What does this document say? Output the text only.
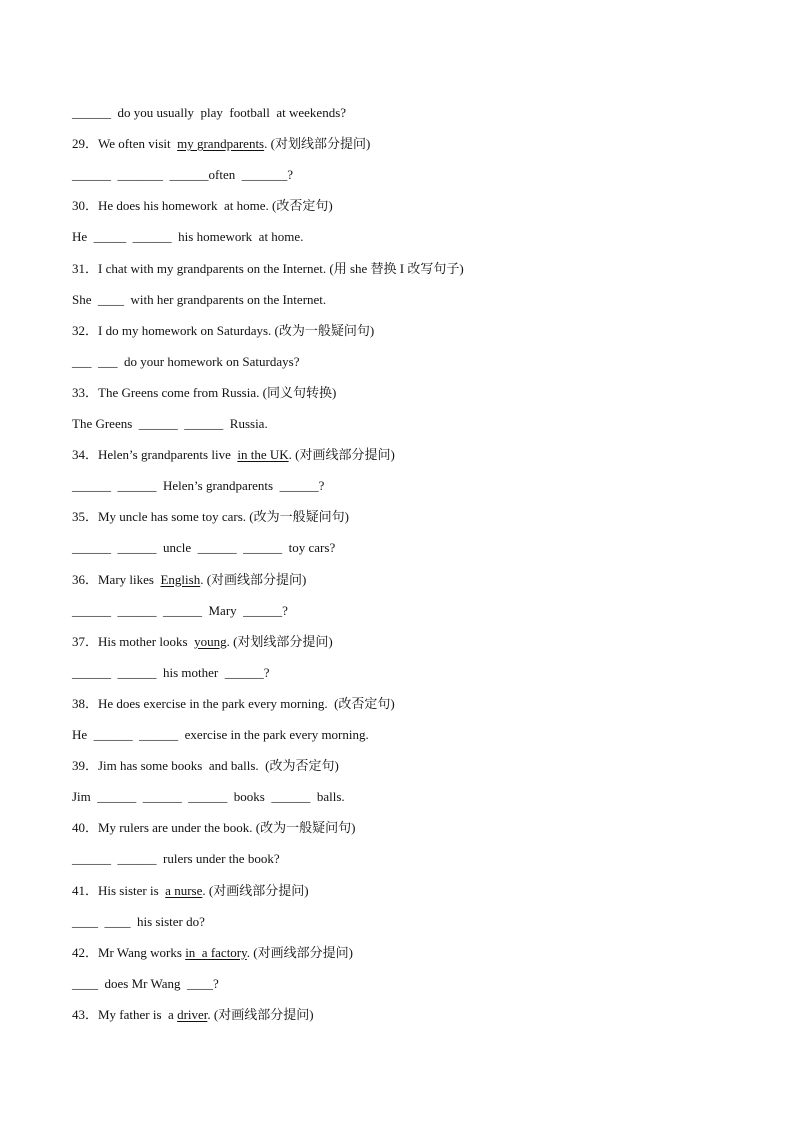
______  do you usually  play  football  at weekends?
29．We often visit  my grandparents. (对划线部分提问)
______  _______  ______often  _______?
30．He does his homework  at home. (改否定句)
He  _____  ______  his homework  at home.
31．I chat with my grandparents on the Internet. (用 she 替换 I 改写句子)
She  ____  with her grandparents on the Internet.
32．I do my homework on Saturdays. (改为一般疑问句)
___  ___  do your homework on Saturdays?
33．The Greens come from Russia. (同义句转换)
The Greens  ______  ______  Russia.
34．Helen’s grandparents live  in the UK. (对画线部分提问)
______  ______  Helen’s grandparents  ______?
35．My uncle has some toy cars. (改为一般疑问句)
______  ______  uncle  ______  ______  toy cars?
36．Mary likes  English. (对画线部分提问)
______  ______  ______  Mary  ______?
37．His mother looks  young. (对划线部分提问)
______  ______  his mother  ______?
38．He does exercise in the park every morning.  (改否定句)
He  ______  ______  exercise in the park every morning.
39．Jim has some books  and balls.  (改为否定句)
Jim  ______  ______  ______  books  ______  balls.
40．My rulers are under the book. (改为一般疑问句)
______  ______  rulers under the book?
41．His sister is  a nurse. (对画线部分提问)
____  ____  his sister do?
42．Mr Wang works in  a factory. (对画线部分提问)
____  does Mr Wang  ____?
43．My father is  a driver. (对画线部分提问)
